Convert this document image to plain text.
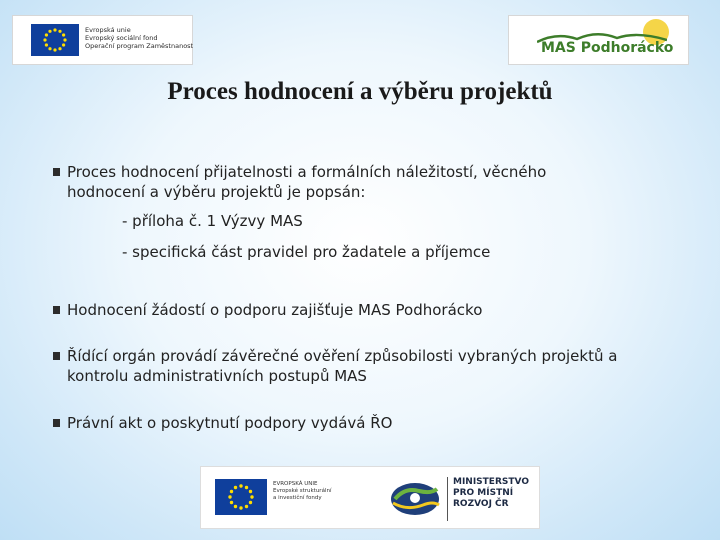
Evropská unie
Evropský sociální fond
Operační program Zaměstnanost	MAS Podhorácko
Proces hodnocení a výběru projektů
Proces hodnocení přijatelnosti a formálních náležitostí, věcného
hodnocení a výběru projektů je popsán:
- příloha č. 1 Výzvy MAS
- specifická část pravidel pro žadatele a příjemce
Hodnocení žádostí o podporu zajišťuje MAS Podhorácko
Řídící orgán provádí závěrečné ověření způsobilosti vybraných projektů a
kontrolu administrativních postupů MAS
Právní akt o poskytnutí podpory vydává ŘO
EVROPSKÁ UNIE
Evropské strukturální
a investiční fondy
MINISTERSTVO
PRO MÍSTNÍ
ROZVOJ ČR
